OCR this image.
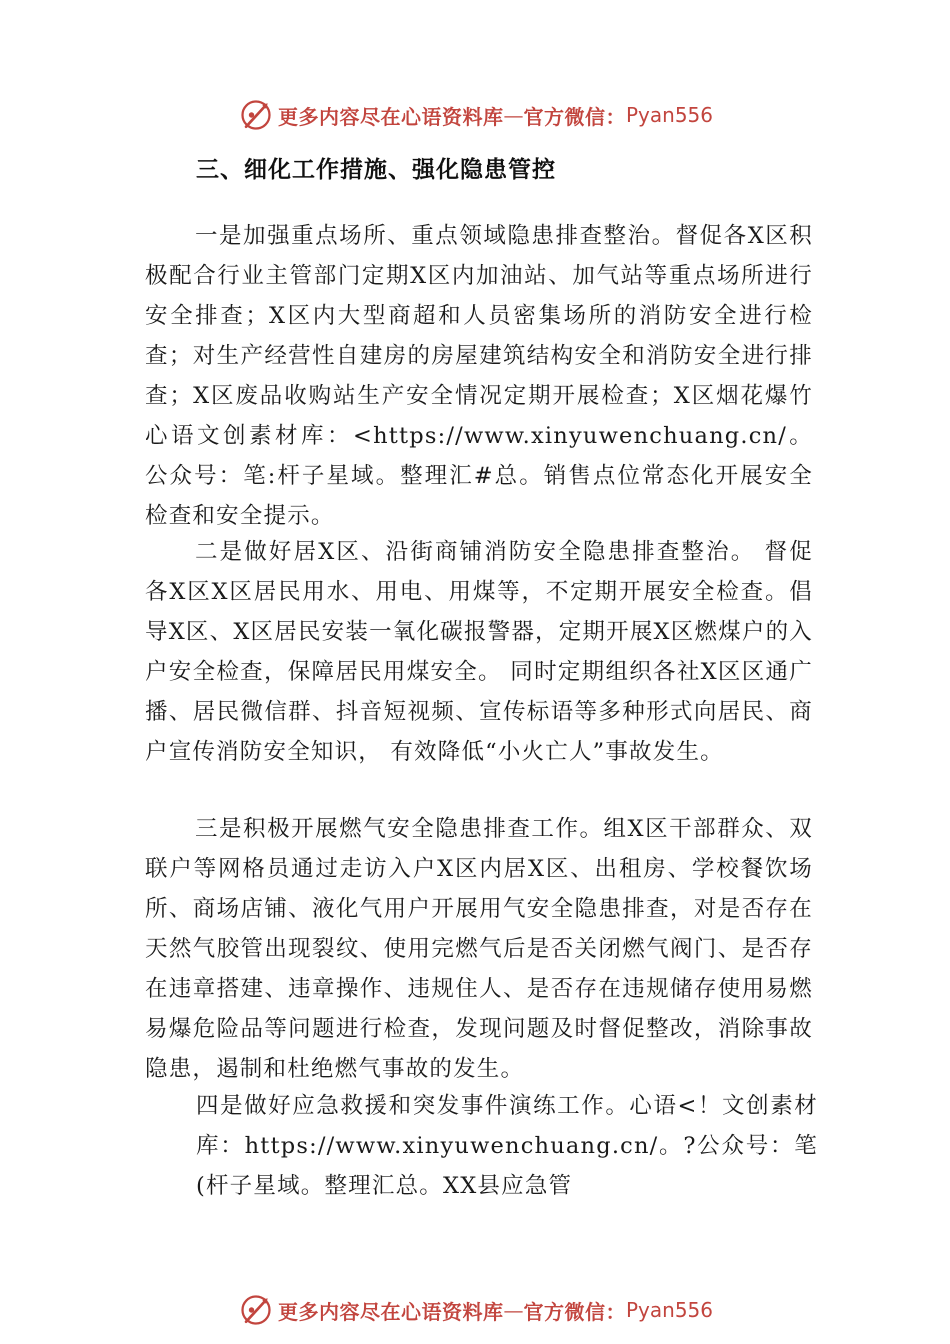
更多内容尽在心语资料库 — 官方微信： Pyan556
三、细化工作措施、强化隐患管控

一是加强重点场所、重点领域隐患排查整治。督促各X区积极配合行业主管部门定期X区内加油站、加气站等重点场所进行安全排查；X区内大型商超和人员密集场所的消防安全进行检查；对生产经营性自建房的房屋建筑结构安全和消防安全进行排查；X区废品收购站生产安全情况定期开展检查；X区烟花爆竹心语文创素材库：<https://www.xinyuwenchuang.cn/。公众号：笔:杆子星域。整理汇#总。销售点位常态化开展安全检查和安全提示。

二是做好居X区、沿街商铺消防安全隐患排查整治。 督促各X区X区居民用水、用电、用煤等，不定期开展安全检查。倡导X区、X区居民安装一氧化碳报警器，定期开展X区燃煤户的入户安全检查，保障居民用煤安全。 同时定期组织各社X区区通广播、居民微信群、抖音短视频、宣传标语等多种形式向居民、商户宣传消防安全知识， 有效降低“小火亡人”事故发生。

三是积极开展燃气安全隐患排查工作。组X区干部群众、双联户等网格员通过走访入户X区内居X区、出租房、学校餐饮场所、商场店铺、液化气用户开展用气安全隐患排查，对是否存在天然气胶管出现裂纹、使用完燃气后是否关闭燃气阀门、是否存在违章搭建、违章操作、违规住人、是否存在违规储存使用易燃易爆危险品等问题进行检查，发现问题及时督促整改，消除事故隐患，遏制和杜绝燃气事故的发生。

四是做好应急救援和突发事件演练工作。心语<！文创素材库：https://www.xinyuwenchuang.cn/。?公众号：笔(杆子星域。整理汇总。XX县应急管

更多内容尽在心语资料库 — 官方微信： Pyan556
